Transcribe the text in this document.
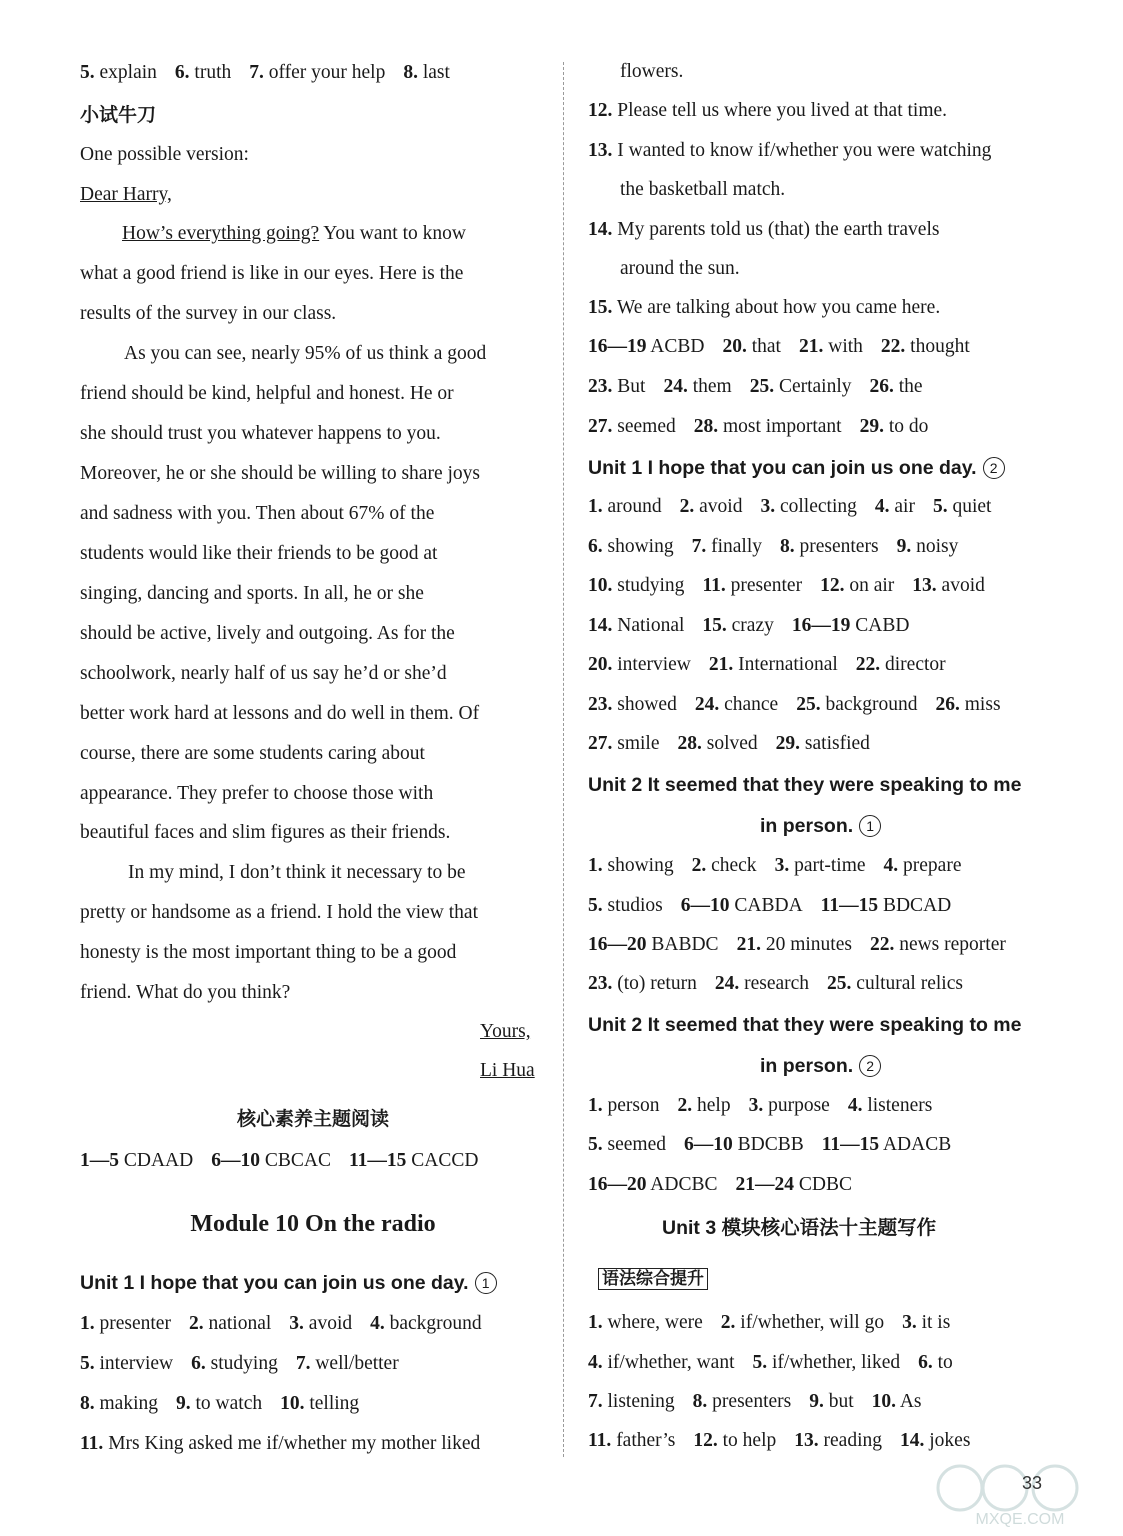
5. explain 6. truth 7. offer your help 8. last
小试牛刀
One possible version:
Dear Harry,
How’s everything going? You want to know
what a good friend is like in our eyes. Here is the
results of the survey in our class.
As you can see, nearly 95% of us think a good
friend should be kind, helpful and honest. He or
she should trust you whatever happens to you.
Moreover, he or she should be willing to share joys
and sadness with you. Then about 67% of the
students would like their friends to be good at
singing, dancing and sports. In all, he or she
should be active, lively and outgoing. As for the
schoolwork, nearly half of us say he’d or she’d
better work hard at lessons and do well in them. Of
course, there are some students caring about
appearance. They prefer to choose those with
beautiful faces and slim figures as their friends.
In my mind, I don’t think it necessary to be
pretty or handsome as a friend. I hold the view that
honesty is the most important thing to be a good
friend. What do you think?
Yours,
Li Hua
核心素养主题阅读
1—5 CDAAD 6—10 CBCAC 11—15 CACCD
Module 10 On the radio
Unit 1 I hope that you can join us one day. 1
1. presenter 2. national 3. avoid 4. background
5. interview 6. studying 7. well/better
8. making 9. to watch 10. telling
11. Mrs King asked me if/whether my mother liked
flowers.
12. Please tell us where you lived at that time.
13. I wanted to know if/whether you were watching
the basketball match.
14. My parents told us (that) the earth travels
around the sun.
15. We are talking about how you came here.
16—19 ACBD 20. that 21. with 22. thought
23. But 24. them 25. Certainly 26. the
27. seemed 28. most important 29. to do
Unit 1 I hope that you can join us one day. 2
1. around 2. avoid 3. collecting 4. air 5. quiet
6. showing 7. finally 8. presenters 9. noisy
10. studying 11. presenter 12. on air 13. avoid
14. National 15. crazy 16—19 CABD
20. interview 21. International 22. director
23. showed 24. chance 25. background 26. miss
27. smile 28. solved 29. satisfied
Unit 2 It seemed that they were speaking to me
in person. 1
1. showing 2. check 3. part-time 4. prepare
5. studios 6—10 CABDA 11—15 BDCAD
16—20 BABDC 21. 20 minutes 22. news reporter
23. (to) return 24. research 25. cultural relics
Unit 2 It seemed that they were speaking to me
in person. 2
1. person 2. help 3. purpose 4. listeners
5. seemed 6—10 BDCBB 11—15 ADACB
16—20 ADCBC 21—24 CDBC
Unit 3 模块核心语法十主题写作
语法综合提升
1. where, were 2. if/whether, will go 3. it is
4. if/whether, want 5. if/whether, liked 6. to
7. listening 8. presenters 9. but 10. As
11. father’s 12. to help 13. reading 14. jokes
MXQE.COM
33
